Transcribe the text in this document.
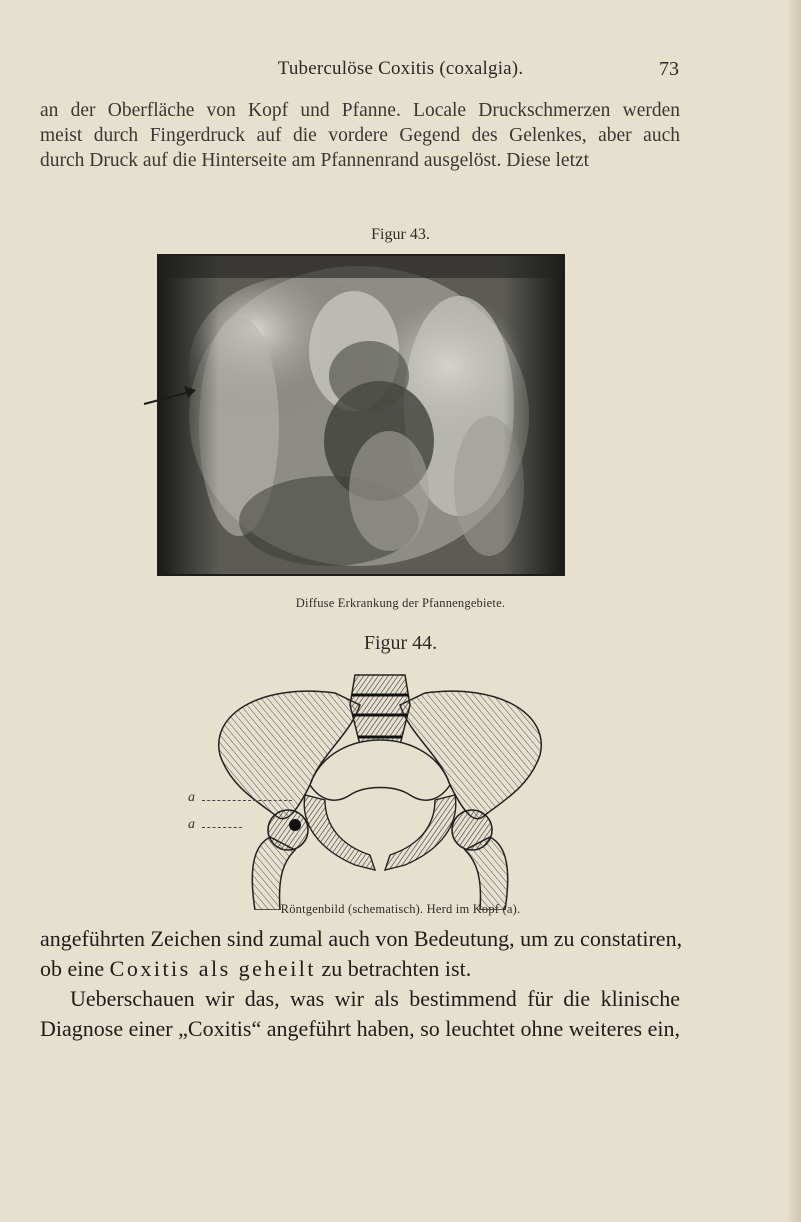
Tuberculöse Coxitis (coxalgia).	73
an der Oberfläche von Kopf und Pfanne. Locale Druckschmerzen werden
meist durch Fingerdruck auf die vordere Gegend des Gelenkes, aber auch
durch Druck auf die Hinterseite am Pfannenrand ausgelöst. Diese letzt
Figur 43.
Diffuse Erkrankung der Pfannengebiete.
Figur 44.
a
a
Röntgenbild (schematisch). Herd im Kopf (a).
angeführten Zeichen sind zumal auch von Bedeutung, um zu constatiren,
ob eine Coxitis als geheilt zu betrachten ist.
Ueberschauen wir das, was wir als bestimmend für die klinische
Diagnose einer „Coxitis“ angeführt haben, so leuchtet ohne weiteres ein,
